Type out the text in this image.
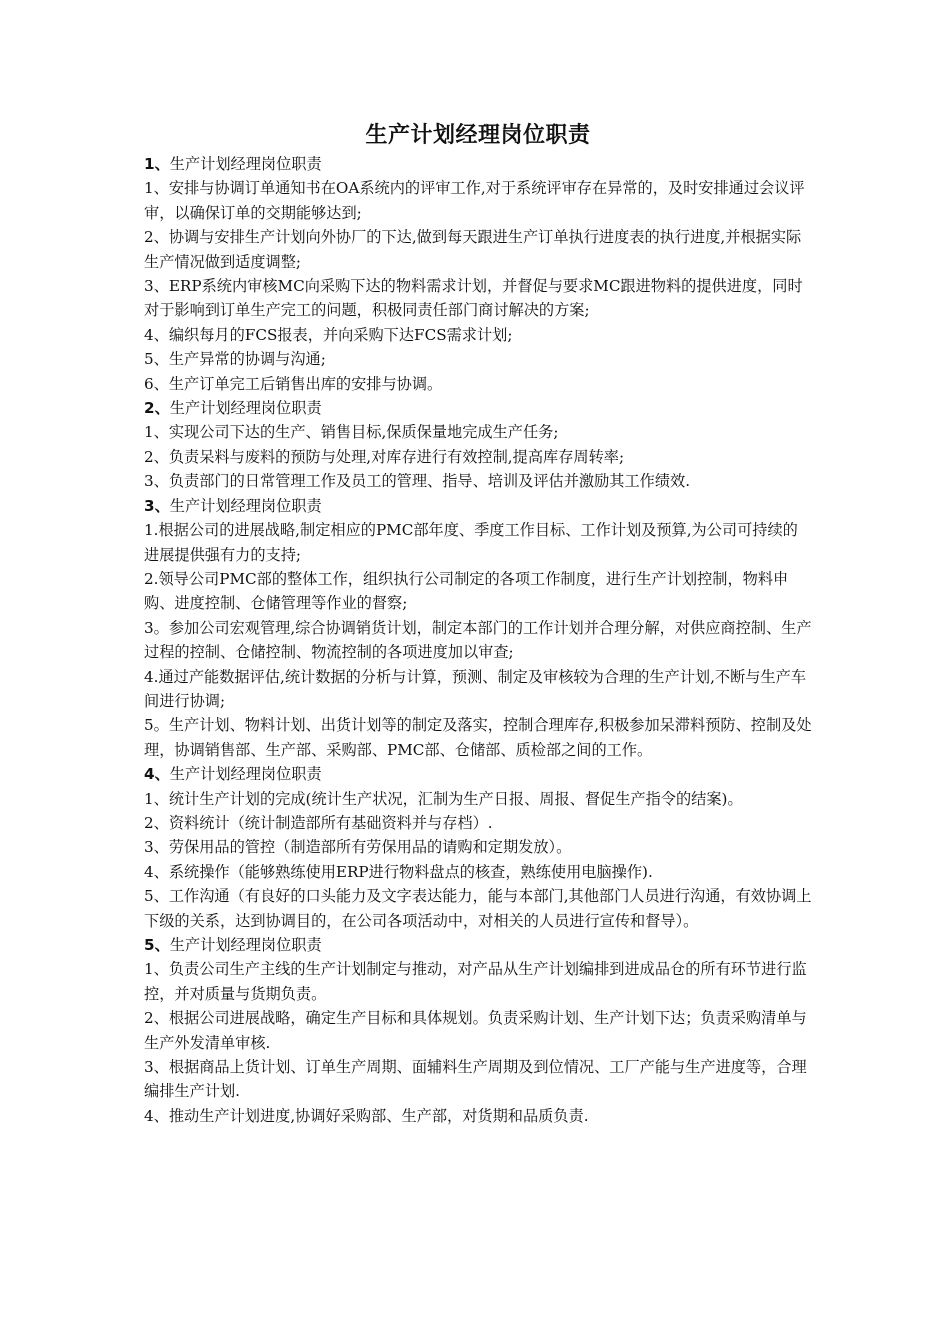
生产计划经理岗位职责

1、生产计划经理岗位职责

1、安排与协调订单通知书在OA系统内的评审工作,对于系统评审存在异常的，及时安排通过会议评审，以确保订单的交期能够达到;

2、协调与安排生产计划向外协厂的下达,做到每天跟进生产订单执行进度表的执行进度,并根据实际生产情况做到适度调整;

3、ERP系统内审核MC向采购下达的物料需求计划，并督促与要求MC跟进物料的提供进度，同时对于影响到订单生产完工的问题，积极同责任部门商讨解决的方案;

4、编织每月的FCS报表，并向采购下达FCS需求计划;

5、生产异常的协调与沟通;

6、生产订单完工后销售出库的安排与协调。

2、生产计划经理岗位职责

1、实现公司下达的生产、销售目标,保质保量地完成生产任务;

2、负责呆料与废料的预防与处理,对库存进行有效控制,提高库存周转率;

3、负责部门的日常管理工作及员工的管理、指导、培训及评估并激励其工作绩效.

3、生产计划经理岗位职责

1.根据公司的进展战略,制定相应的PMC部年度、季度工作目标、工作计划及预算,为公司可持续的进展提供强有力的支持;

2.领导公司PMC部的整体工作，组织执行公司制定的各项工作制度，进行生产计划控制，物料申购、进度控制、仓储管理等作业的督察;

3。参加公司宏观管理,综合协调销货计划，制定本部门的工作计划并合理分解，对供应商控制、生产过程的控制、仓储控制、物流控制的各项进度加以审查;

4.通过产能数据评估,统计数据的分析与计算，预测、制定及审核较为合理的生产计划,不断与生产车间进行协调;

5。生产计划、物料计划、出货计划等的制定及落实，控制合理库存,积极参加呆滞料预防、控制及处理，协调销售部、生产部、采购部、PMC部、仓储部、质检部之间的工作。

4、生产计划经理岗位职责

1、统计生产计划的完成(统计生产状况，汇制为生产日报、周报、督促生产指令的结案)。

2、资料统计（统计制造部所有基础资料并与存档）.

3、劳保用品的管控（制造部所有劳保用品的请购和定期发放）。

4、系统操作（能够熟练使用ERP进行物料盘点的核查，熟练使用电脑操作).

5、工作沟通（有良好的口头能力及文字表达能力，能与本部门,其他部门人员进行沟通，有效协调上下级的关系，达到协调目的，在公司各项活动中，对相关的人员进行宣传和督导）。

5、生产计划经理岗位职责

1、负责公司生产主线的生产计划制定与推动，对产品从生产计划编排到进成品仓的所有环节进行监控，并对质量与货期负责。

2、根据公司进展战略，确定生产目标和具体规划。负责采购计划、生产计划下达；负责采购清单与生产外发清单审核.

3、根据商品上货计划、订单生产周期、面辅料生产周期及到位情况、工厂产能与生产进度等，合理编排生产计划.

4、推动生产计划进度,协调好采购部、生产部，对货期和品质负责.
